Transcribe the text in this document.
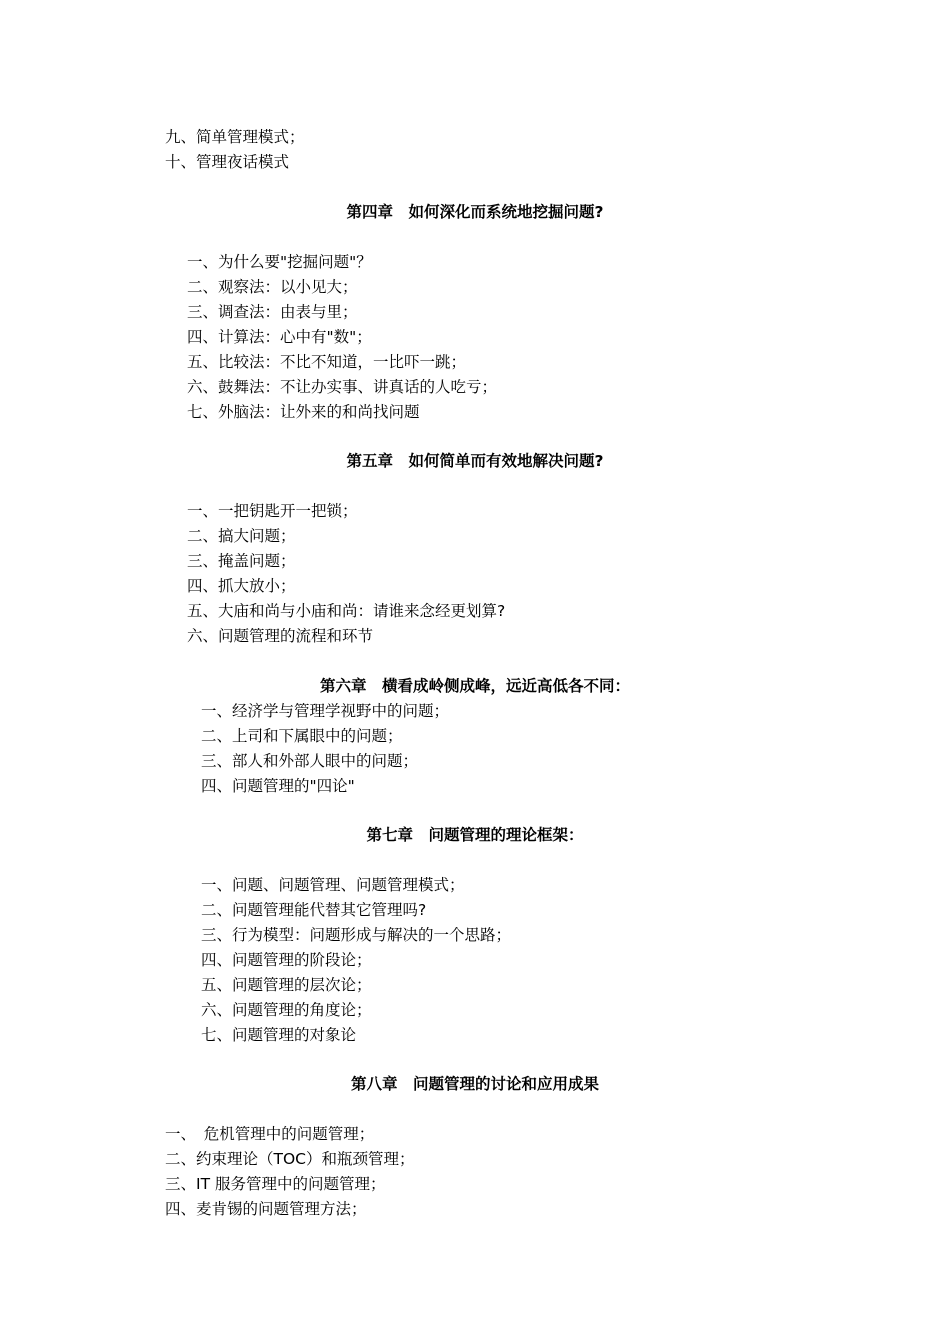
九、简单管理模式；
十、管理夜话模式
第四章　如何深化而系统地挖掘问题?
一、为什么要"挖掘问题"？
二、观察法：以小见大；
三、调查法：由表与里；
四、计算法：心中有"数"；
五、比较法：不比不知道，一比吓一跳；
六、鼓舞法：不让办实事、讲真话的人吃亏；
七、外脑法：让外来的和尚找问题
第五章　如何简单而有效地解决问题?
一、一把钥匙开一把锁；
二、搞大问题；
三、掩盖问题；
四、抓大放小；
五、大庙和尚与小庙和尚：请谁来念经更划算?
六、问题管理的流程和环节
第六章　横看成岭侧成峰，远近高低各不同：
一、经济学与管理学视野中的问题；
二、上司和下属眼中的问题；
三、部人和外部人眼中的问题；
四、问题管理的"四论"
第七章　问题管理的理论框架：
一、问题、问题管理、问题管理模式；
二、问题管理能代替其它管理吗?
三、行为模型：问题形成与解决的一个思路；
四、问题管理的阶段论；
五、问题管理的层次论；
六、问题管理的角度论；
七、问题管理的对象论
第八章　问题管理的讨论和应用成果
一、　危机管理中的问题管理；
二、约束理论（TOC）和瓶颈管理；
三、IT 服务管理中的问题管理；
四、麦肯锡的问题管理方法；
